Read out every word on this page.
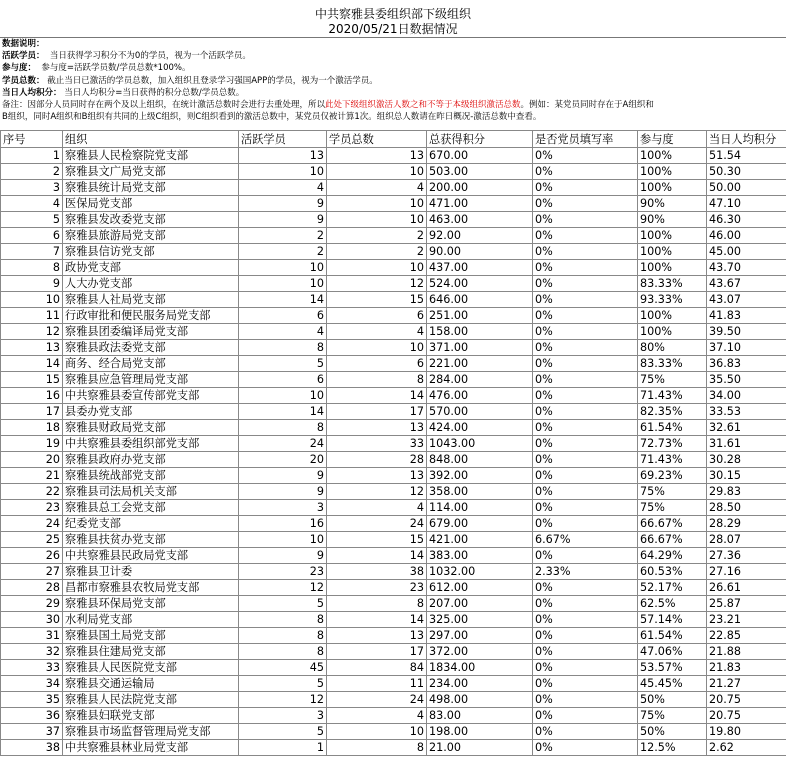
中共察雅县委组织部下级组织
2020/05/21日数据情况
数据说明：
活跃学员： 当日获得学习积分不为0的学员，视为一个活跃学员。
参与度： 参与度=活跃学员数/学员总数*100%。
学员总数： 截止当日已激活的学员总数，加入组织且登录学习强国APP的学员，视为一个激活学员。
当日人均积分： 当日人均积分=当日获得的积分总数/学员总数。
备注：因部分人员同时存在两个及以上组织，在统计激活总数时会进行去重处理，所以此处下级组织激活人数之和不等于本级组织激活总数。例如：某党员同时存在于A组织和
B组织，同时A组织和B组织有共同的上级C组织，则C组织看到的激活总数中，某党员仅被计算1次。组织总人数请在昨日概况-激活总数中查看。
序号	组织	活跃学员	学员总数	总获得积分	是否党员填写率	参与度	当日人均积分
1	察雅县人民检察院党支部	13	13	670.00	0%	100%	51.54
2	察雅县文广局党支部	10	10	503.00	0%	100%	50.30
3	察雅县统计局党支部	4	4	200.00	0%	100%	50.00
4	医保局党支部	9	10	471.00	0%	90%	47.10
5	察雅县发改委党支部	9	10	463.00	0%	90%	46.30
6	察雅县旅游局党支部	2	2	92.00	0%	100%	46.00
7	察雅县信访党支部	2	2	90.00	0%	100%	45.00
8	政协党支部	10	10	437.00	0%	100%	43.70
9	人大办党支部	10	12	524.00	0%	83.33%	43.67
10	察雅县人社局党支部	14	15	646.00	0%	93.33%	43.07
11	行政审批和便民服务局党支部	6	6	251.00	0%	100%	41.83
12	察雅县团委编译局党支部	4	4	158.00	0%	100%	39.50
13	察雅县政法委党支部	8	10	371.00	0%	80%	37.10
14	商务、经合局党支部	5	6	221.00	0%	83.33%	36.83
15	察雅县应急管理局党支部	6	8	284.00	0%	75%	35.50
16	中共察雅县委宣传部党支部	10	14	476.00	0%	71.43%	34.00
17	县委办党支部	14	17	570.00	0%	82.35%	33.53
18	察雅县财政局党支部	8	13	424.00	0%	61.54%	32.61
19	中共察雅县委组织部党支部	24	33	1043.00	0%	72.73%	31.61
20	察雅县政府办党支部	20	28	848.00	0%	71.43%	30.28
21	察雅县统战部党支部	9	13	392.00	0%	69.23%	30.15
22	察雅县司法局机关支部	9	12	358.00	0%	75%	29.83
23	察雅县总工会党支部	3	4	114.00	0%	75%	28.50
24	纪委党支部	16	24	679.00	0%	66.67%	28.29
25	察雅县扶贫办党支部	10	15	421.00	6.67%	66.67%	28.07
26	中共察雅县民政局党支部	9	14	383.00	0%	64.29%	27.36
27	察雅县卫计委	23	38	1032.00	2.33%	60.53%	27.16
28	昌都市察雅县农牧局党支部	12	23	612.00	0%	52.17%	26.61
29	察雅县环保局党支部	5	8	207.00	0%	62.5%	25.87
30	水利局党支部	8	14	325.00	0%	57.14%	23.21
31	察雅县国土局党支部	8	13	297.00	0%	61.54%	22.85
32	察雅县住建局党支部	8	17	372.00	0%	47.06%	21.88
33	察雅县人民医院党支部	45	84	1834.00	0%	53.57%	21.83
34	察雅县交通运输局	5	11	234.00	0%	45.45%	21.27
35	察雅县人民法院党支部	12	24	498.00	0%	50%	20.75
36	察雅县妇联党支部	3	4	83.00	0%	75%	20.75
37	察雅县市场监督管理局党支部	5	10	198.00	0%	50%	19.80
38	中共察雅县林业局党支部	1	8	21.00	0%	12.5%	2.62
